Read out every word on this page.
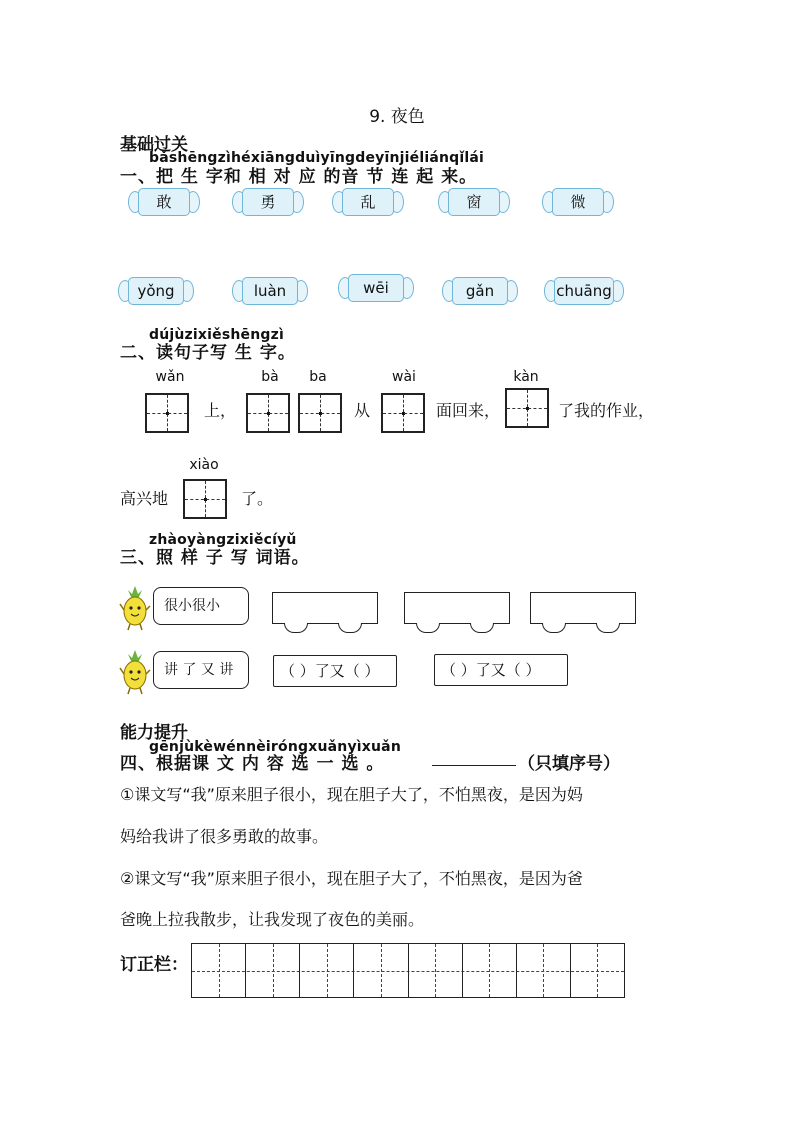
9. 夜色
基础过关
bǎshēngzìhéxiāngduìyīngdeyīnjiéliánqǐlái
一、把 生 字和 相 对 应 的音 节 连 起 来。
敢	勇	乱	窗	微
yǒng	luàn	wēi	gǎn	chuāng
dújùzixiěshēngzì
二、读句子写 生 字。
wǎn
上，
bà	ba
从
wài
面回来，
kàn
了我的作业，
xiào
高兴地	了。
zhàoyàngzixiěcíyǔ
三、照 样 子 写 词语。
很小很小
讲 了 又 讲	（ ）了又（ ）	（ ）了又（ ）
能力提升
gēnjùkèwénnèiróngxuǎnyìxuǎn
四、根据课 文 内 容 选 一 选 。	（只填序号）
①课文写“我”原来胆子很小，现在胆子大了，不怕黑夜，是因为妈
妈给我讲了很多勇敢的故事。
②课文写“我”原来胆子很小，现在胆子大了，不怕黑夜，是因为爸
爸晚上拉我散步，让我发现了夜色的美丽。
订正栏：
